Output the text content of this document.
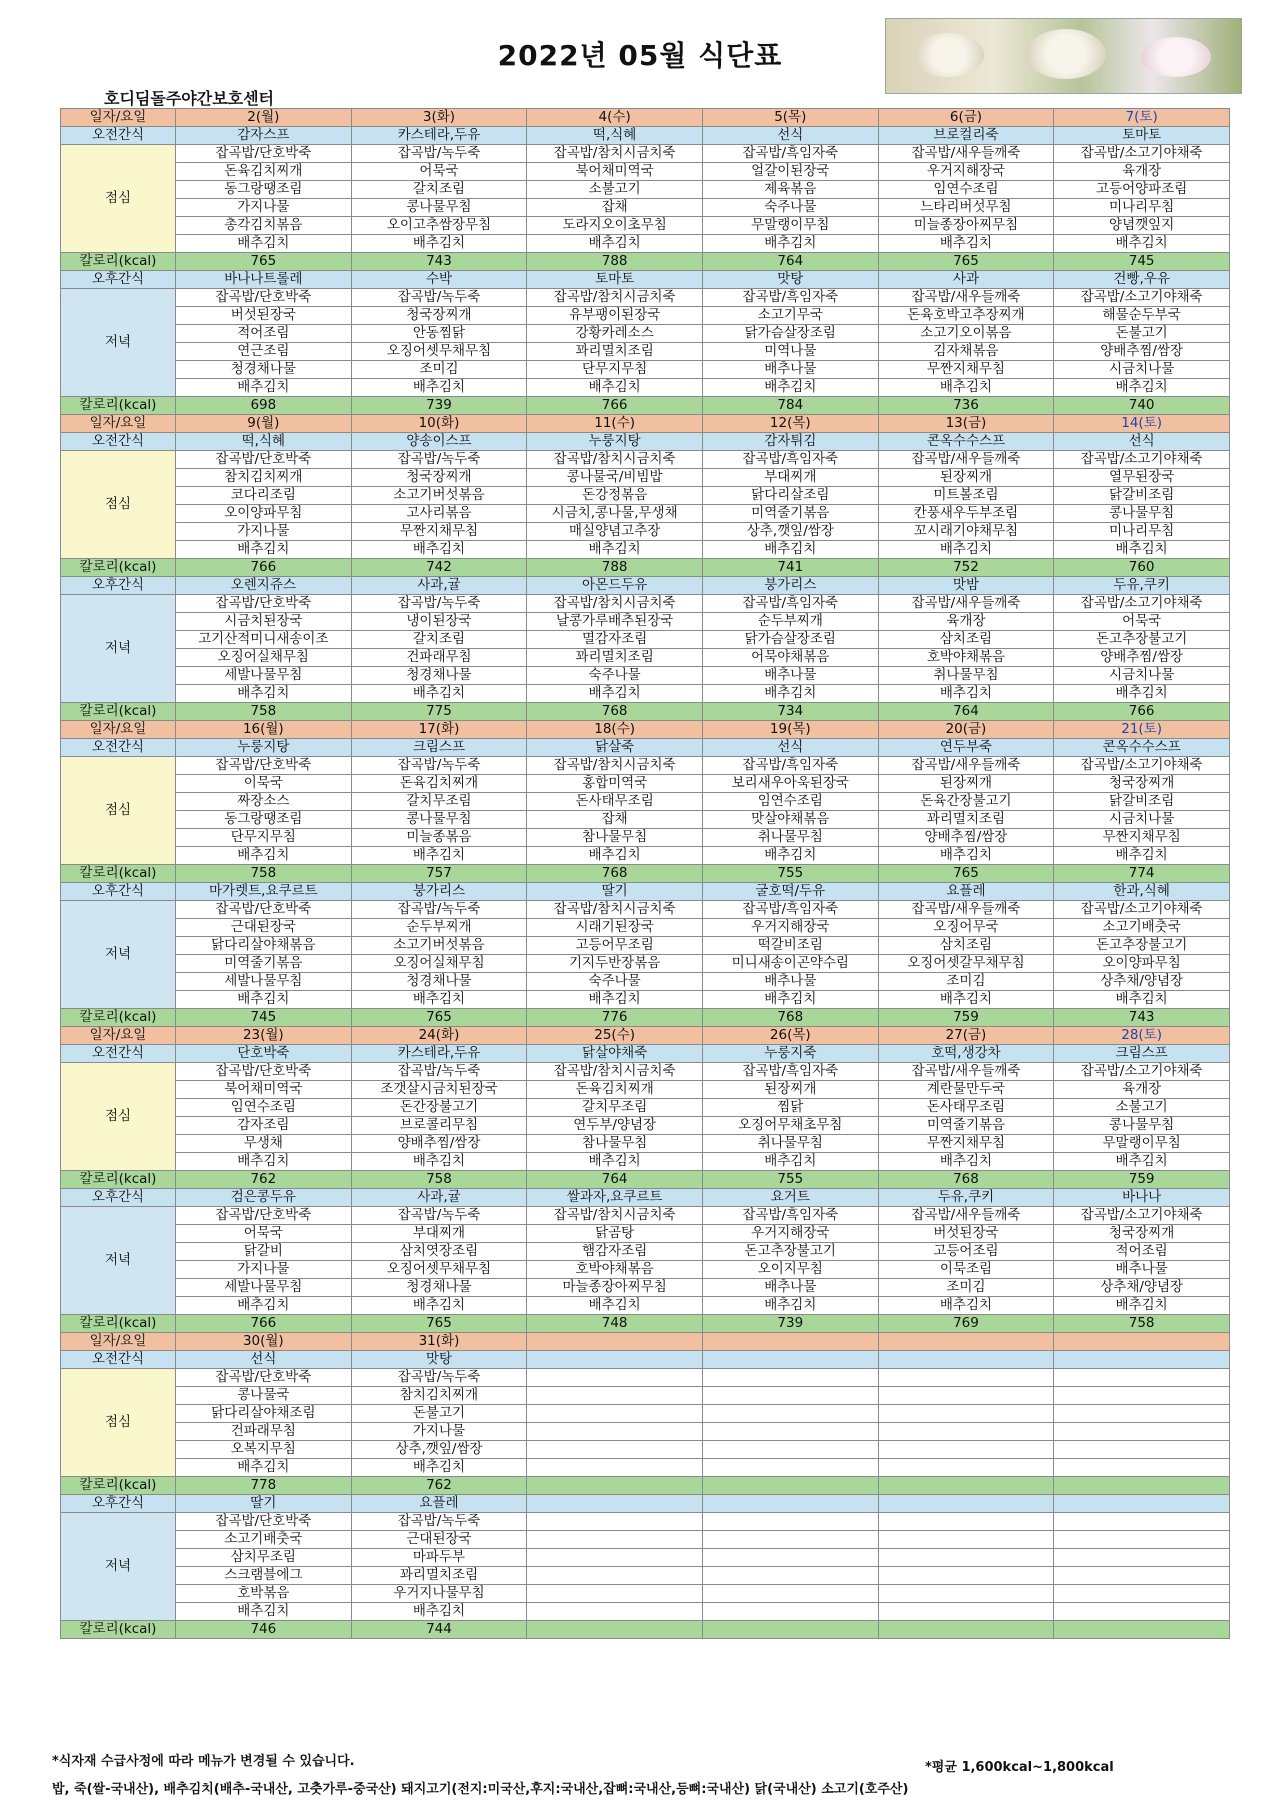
2022년 05월 식단표
호디딤돌주야간보호센터
일자/요일	2(월)	3(화)	4(수)	5(목)	6(금)	7(토)
오전간식	감자스프	카스테라,두유	떡,식혜	선식	브로컬리죽	토마토
점심	잡곡밥/단호박죽	잡곡밥/녹두죽	잡곡밥/참치시금치죽	잡곡밥/흑임자죽	잡곡밥/새우들깨죽	잡곡밥/소고기야채죽
	돈육김치찌개	어묵국	북어채미역국	얼갈이된장국	우거지해장국	육개장
	동그랑땡조림	갈치조림	소불고기	제육볶음	임연수조림	고등어양파조림
	가지나물	콩나물무침	잡채	숙주나물	느타리버섯무침	미나리무침
	총각김치볶음	오이고추쌈장무침	도라지오이초무침	무말랭이무침	미늘종장아찌무침	양념깻잎지
	배추김치	배추김치	배추김치	배추김치	배추김치	배추김치
칼로리(kcal)	765	743	788	764	765	745
오후간식	바나나트롤레	수박	토마토	맛탕	사과	건빵,우유
저녁	잡곡밥/단호박죽	잡곡밥/녹두죽	잡곡밥/참치시금치죽	잡곡밥/흑임자죽	잡곡밥/새우들깨죽	잡곡밥/소고기야채죽
	버섯된장국	청국장찌개	유부팽이된장국	소고기무국	돈육호박고추장찌개	해물순두부국
	적어조림	안동찜닭	강황카레소스	닭가슴살장조림	소고기오이볶음	돈불고기
	연근조림	오징어셋무채무침	꽈리멸치조림	미역나물	김자채볶음	양배추찜/쌈장
	청경채나물	조미김	단무지무침	배추나물	무짠지채무침	시금치나물
	배추김치	배추김치	배추김치	배추김치	배추김치	배추김치
칼로리(kcal)	698	739	766	784	736	740
일자/요일	9(월)	10(화)	11(수)	12(목)	13(금)	14(토)
오전간식	떡,식혜	양송이스프	누룽지탕	감자튀김	콘옥수수스프	선식
점심	잡곡밥/단호박죽	잡곡밥/녹두죽	잡곡밥/참치시금치죽	잡곡밥/흑임자죽	잡곡밥/새우들깨죽	잡곡밥/소고기야채죽
	참치김치찌개	청국장찌개	콩나물국/비빔밥	부대찌개	된장찌개	열무된장국
	코다리조림	소고기버섯볶음	돈강정볶음	닭다리살조림	미트볼조림	닭갈비조림
	오이양파무침	고사리볶음	시금치,콩나물,무생채	미역줄기볶음	칸풍새우두부조림	콩나물무침
	가지나물	무짠지채무침	매실양념고추장	상추,깻잎/쌈장	꼬시래기야채무침	미나리무침
	배추김치	배추김치	배추김치	배추김치	배추김치	배추김치
칼로리(kcal)	766	742	788	741	752	760
오후간식	오렌지쥬스	사과,귤	아몬드두유	붕가리스	맛밤	두유,쿠키
저녁	잡곡밥/단호박죽	잡곡밥/녹두죽	잡곡밥/참치시금치죽	잡곡밥/흑임자죽	잡곡밥/새우들깨죽	잡곡밥/소고기야채죽
	시금치된장국	냉이된장국	날콩가루배추된장국	순두부찌개	육개장	어묵국
	고기산적미니새송이조	갈치조림	멸감자조림	닭가슴살장조림	삼치조림	돈고추장불고기
	오징어실채무침	건파래무침	꽈리멸치조림	어묵야채볶음	호박야채볶음	양배추찜/쌈장
	세발나물무침	청경채나물	숙주나물	배추나물	취나물무침	시금치나물
	배추김치	배추김치	배추김치	배추김치	배추김치	배추김치
칼로리(kcal)	758	775	768	734	764	766
일자/요일	16(월)	17(화)	18(수)	19(목)	20(금)	21(토)
오전간식	누룽지탕	크림스프	닭살죽	선식	연두부죽	콘옥수수스프
점심	잡곡밥/단호박죽	잡곡밥/녹두죽	잡곡밥/참치시금치죽	잡곡밥/흑임자죽	잡곡밥/새우들깨죽	잡곡밥/소고기야채죽
	이묵국	돈육김치찌개	홍합미역국	보리새우아욱된장국	된장찌개	청국장찌개
	짜장소스	갈치무조림	돈사태무조림	임연수조림	돈육간장불고기	닭갈비조림
	동그랑땡조림	콩나물무침	잡채	맛살야채볶음	꽈리멸치조림	시금치나물
	단무지무침	미늘종볶음	참나물무침	취나물무침	양배추찜/쌈장	무짠지채무침
	배추김치	배추김치	배추김치	배추김치	배추김치	배추김치
칼로리(kcal)	758	757	768	755	765	774
오후간식	마가렛트,요쿠르트	붕가리스	딸기	굴호떡/두유	요플레	한과,식혜
저녁	잡곡밥/단호박죽	잡곡밥/녹두죽	잡곡밥/참치시금치죽	잡곡밥/흑임자죽	잡곡밥/새우들깨죽	잡곡밥/소고기야채죽
	근대된장국	순두부찌개	시래기된장국	우거지해장국	오징어무국	소고기배춧국
	닭다리살야채볶음	소고기버섯볶음	고등어무조림	떡갈비조림	삼치조림	돈고추장불고기
	미역줄기볶음	오징어실채무침	기지두반장볶음	미니새송이곤약수림	오징어셋갈무채무침	오이양파무침
	세발나물무침	청경채나물	숙주나물	배추나물	조미김	상추채/양념장
	배추김치	배추김치	배추김치	배추김치	배추김치	배추김치
칼로리(kcal)	745	765	776	768	759	743
일자/요일	23(월)	24(화)	25(수)	26(목)	27(금)	28(토)
오전간식	단호박죽	카스테라,두유	닭살야채죽	누룽지죽	호떡,생강차	크림스프
점심	잡곡밥/단호박죽	잡곡밥/녹두죽	잡곡밥/참치시금치죽	잡곡밥/흑임자죽	잡곡밥/새우들깨죽	잡곡밥/소고기야채죽
	북어채미역국	조갯살시금치된장국	돈육김치찌개	된장찌개	계란물만두국	육개장
	임연수조림	돈간장불고기	갈치무조림	찜닭	돈사태무조림	소불고기
	감자조림	브로콜리무침	연두부/양념장	오징어무채초무침	미역줄기볶음	콩나물무침
	무생채	양배추찜/쌈장	참나물무침	취나물무침	무짠지채무침	무말랭이무침
	배추김치	배추김치	배추김치	배추김치	배추김치	배추김치
칼로리(kcal)	762	758	764	755	768	759
오후간식	검은콩두유	사과,귤	쌀과자,요쿠르트	요거트	두유,쿠키	바나나
저녁	잡곡밥/단호박죽	잡곡밥/녹두죽	잡곡밥/참치시금치죽	잡곡밥/흑임자죽	잡곡밥/새우들깨죽	잡곡밥/소고기야채죽
	어묵국	부대찌개	닭곰탕	우거지해장국	버섯된장국	청국장찌개
	닭갈비	삼치엿장조림	햄감자조림	돈고추장불고기	고등어조림	적어조림
	가지나물	오징어셋무채무침	호박야채볶음	오이지무침	이묵조림	배추나물
	세발나물무침	청경채나물	마늘종장아찌무침	배추나물	조미김	상추채/양념장
	배추김치	배추김치	배추김치	배추김치	배추김치	배추김치
칼로리(kcal)	766	765	748	739	769	758
일자/요일	30(월)	31(화)				
오전간식	선식	맛탕				
점심	잡곡밥/단호박죽	잡곡밥/녹두죽				
	콩나물국	참치김치찌개				
	닭다리살야채조림	돈불고기				
	건파래무침	가지나물				
	오복지무침	상추,깻잎/쌈장				
	배추김치	배추김치				
칼로리(kcal)	778	762				
오후간식	딸기	요플레				
저녁	잡곡밥/단호박죽	잡곡밥/녹두죽				
	소고기배춧국	근대된장국				
	삼치무조림	마파두부				
	스크램블에그	꽈리멸치조림				
	호박볶음	우거지나물무침				
	배추김치	배추김치				
칼로리(kcal)	746	744				
*식자재 수급사정에 따라 메뉴가 변경될 수 있습니다.	*평균 1,600kcal~1,800kcal
밥, 죽(쌀-국내산), 배추김치(배추-국내산, 고춧가루-중국산) 돼지고기(전지:미국산,후지:국내산,잡뼈:국내산,등뼈:국내산) 닭(국내산) 소고기(호주산)
